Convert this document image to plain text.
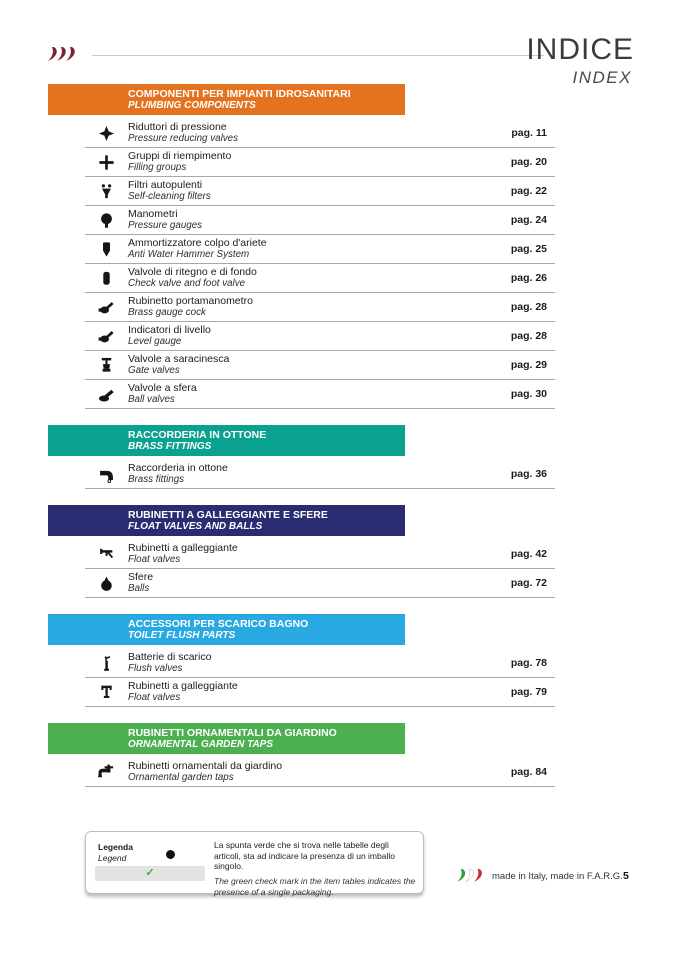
INDICE
INDEX
COMPONENTI PER IMPIANTI IDROSANITARI
PLUMBING COMPONENTS
Riduttori di pressione
Pressure reducing valves	pag. 11
Gruppi di riempimento
Filling groups	pag. 20
Filtri autopulenti
Self-cleaning filters	pag. 22
Manometri
Pressure gauges	pag. 24
Ammortizzatore colpo d'ariete
Anti Water Hammer System	pag. 25
Valvole di ritegno e di fondo
Check valve and foot valve	pag. 26
Rubinetto portamanometro
Brass gauge cock	pag. 28
Indicatori di livello
Level gauge	pag. 28
Valvole a saracinesca
Gate valves	pag. 29
Valvole a sfera
Ball valves	pag. 30
RACCORDERIA IN OTTONE
BRASS FITTINGS
Raccorderia in ottone
Brass fittings	pag. 36
RUBINETTI A GALLEGGIANTE E SFERE
FLOAT VALVES AND BALLS
Rubinetti a galleggiante
Float valves	pag. 42
Sfere
Balls	pag. 72
ACCESSORI PER SCARICO BAGNO
TOILET FLUSH PARTS
Batterie di scarico
Flush valves	pag. 78
Rubinetti a galleggiante
Float valves	pag. 79
RUBINETTI ORNAMENTALI DA GIARDINO
ORNAMENTAL GARDEN TAPS
Rubinetti ornamentali da giardino
Ornamental garden taps	pag. 84
Legenda
Legend
✓
La spunta verde che si trova nelle tabelle degli articoli, sta ad indicare la presenza di un imballo singolo.
The green check mark in the item tables indicates the presence of a single packaging.
made in Italy, made in F.A.R.G. 5
